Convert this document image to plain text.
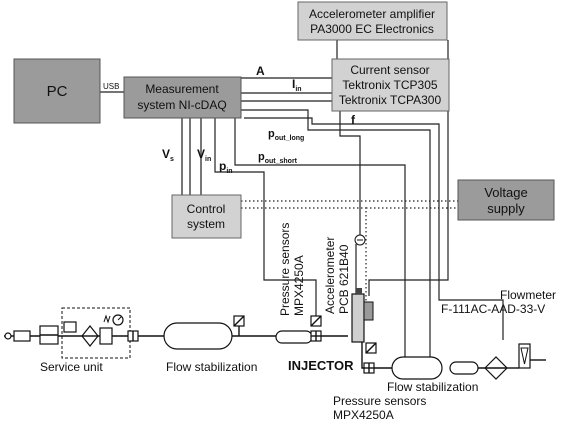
PC	USB Measurement
system NI-cDAQ
Accelerometer amplifier
PA3000 EC Electronics
Current sensor
Tektronix TCP305
Tektronix TCPA300
Control
system
Voltage
supply
A
$I_{in}$
f
$p_{out\_long}$
$p_{out\_short}$
$V_s$ $V_{in}$ $p_{in}$
Service unit	Flow stabilization
Pressure sensors MPX4250A Accelerometer PCB 621B40
INJECTOR
Flow stabilization
Flowmeter
F-111AC-AAD-33-V
Pressure sensors
MPX4250A
